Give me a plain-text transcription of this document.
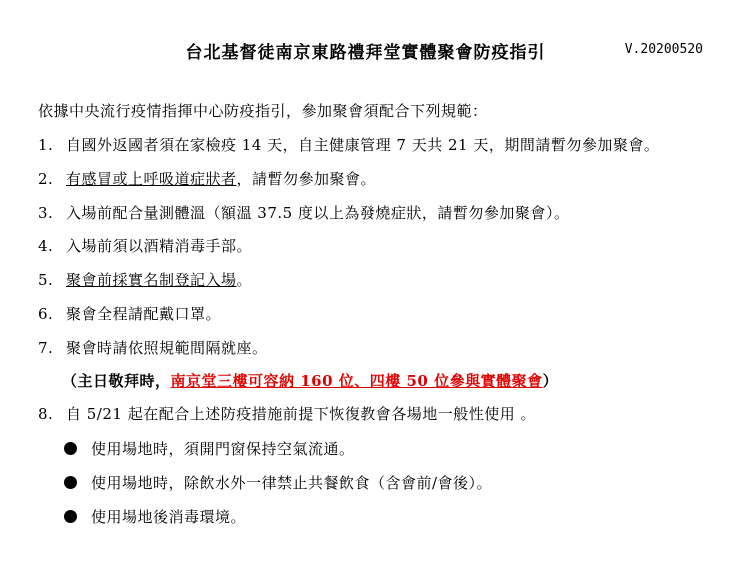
台北基督徒南京東路禮拜堂實體聚會防疫指引	V.20200520
依據中央流行疫情指揮中心防疫指引，參加聚會須配合下列規範：
1. 自國外返國者須在家檢疫 14 天，自主健康管理 7 天共 21 天，期間請暫勿參加聚會。
2. 有感冒或上呼吸道症狀者，請暫勿參加聚會。
3. 入場前配合量測體溫（額溫 37.5 度以上為發燒症狀，請暫勿參加聚會）。
4. 入場前須以酒精消毒手部。
5. 聚會前採實名制登記入場。
6. 聚會全程請配戴口罩。
7. 聚會時請依照規範間隔就座。
（主日敬拜時，南京堂三樓可容納 160 位、四樓 50 位參與實體聚會）
8. 自 5/21 起在配合上述防疫措施前提下恢復教會各場地一般性使用 。
使用場地時，須開門窗保持空氣流通。
使用場地時，除飲水外一律禁止共餐飲食（含會前/會後）。
使用場地後消毒環境。
